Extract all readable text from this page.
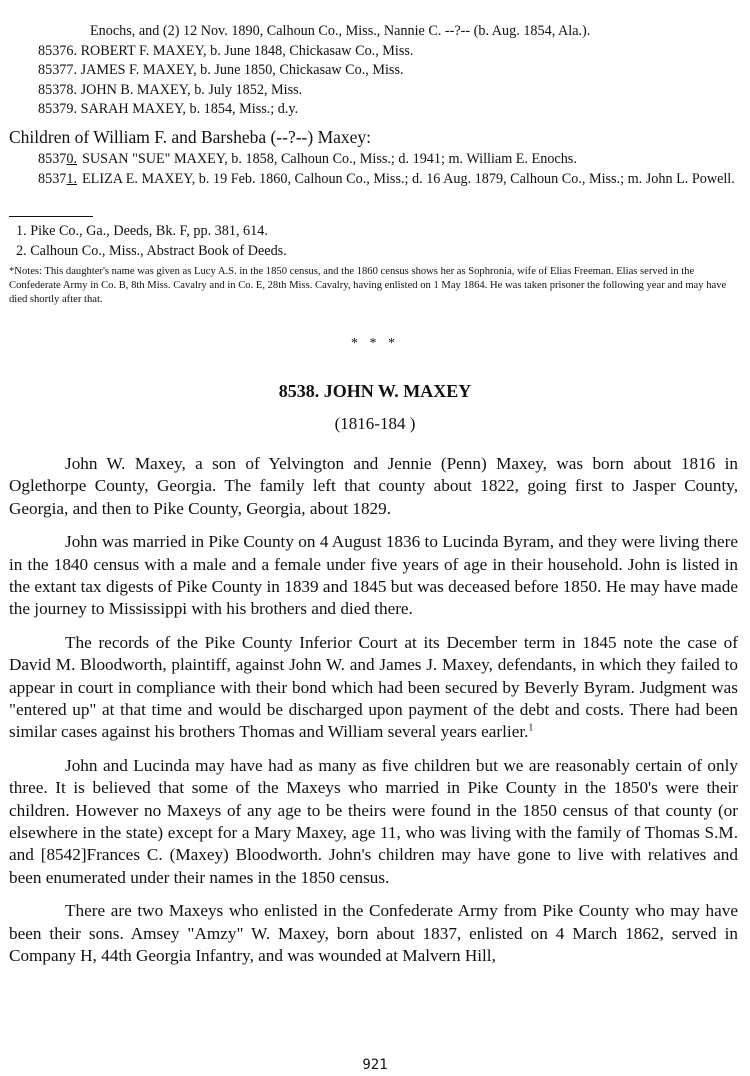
Enochs, and (2) 12 Nov. 1890, Calhoun Co., Miss., Nannie C. --?-- (b. Aug. 1854, Ala.).
85376. ROBERT F. MAXEY, b. June 1848, Chickasaw Co., Miss.
85377. JAMES F. MAXEY, b. June 1850, Chickasaw Co., Miss.
85378. JOHN B. MAXEY, b. July 1852, Miss.
85379. SARAH MAXEY, b. 1854, Miss.; d.y.
Children of William F. and Barsheba (--?--) Maxey:
85370. SUSAN "SUE" MAXEY, b. 1858, Calhoun Co., Miss.; d. 1941; m. William E. Enochs.
85371. ELIZA E. MAXEY, b. 19 Feb. 1860, Calhoun Co., Miss.; d. 16 Aug. 1879, Calhoun Co., Miss.; m. John L. Powell.
1. Pike Co., Ga., Deeds, Bk. F, pp. 381, 614.
2. Calhoun Co., Miss., Abstract Book of Deeds.
*Notes: This daughter's name was given as Lucy A.S. in the 1850 census, and the 1860 census shows her as Sophronia, wife of Elias Freeman. Elias served in the Confederate Army in Co. B, 8th Miss. Cavalry and in Co. E, 28th Miss. Cavalry, having enlisted on 1 May 1864. He was taken prisoner the following year and may have died shortly after that.
* * *
8538. JOHN W. MAXEY
(1816-184 )

John W. Maxey, a son of Yelvington and Jennie (Penn) Maxey, was born about 1816 in Oglethorpe County, Georgia. The family left that county about 1822, going first to Jasper County, Georgia, and then to Pike County, Georgia, about 1829.

John was married in Pike County on 4 August 1836 to Lucinda Byram, and they were living there in the 1840 census with a male and a female under five years of age in their household. John is listed in the extant tax digests of Pike County in 1839 and 1845 but was deceased before 1850. He may have made the journey to Mississippi with his brothers and died there.

The records of the Pike County Inferior Court at its December term in 1845 note the case of David M. Bloodworth, plaintiff, against John W. and James J. Maxey, defendants, in which they failed to appear in court in compliance with their bond which had been secured by Beverly Byram. Judgment was "entered up" at that time and would be discharged upon payment of the debt and costs. There had been similar cases against his brothers Thomas and William several years earlier.$^1$

John and Lucinda may have had as many as five children but we are reasonably certain of only three. It is believed that some of the Maxeys who married in Pike County in the 1850's were their children. However no Maxeys of any age to be theirs were found in the 1850 census of that county (or elsewhere in the state) except for a Mary Maxey, age 11, who was living with the family of Thomas S.M. and [8542]Frances C. (Maxey) Bloodworth. John's children may have gone to live with relatives and been enumerated under their names in the 1850 census.

There are two Maxeys who enlisted in the Confederate Army from Pike County who may have been their sons. Amsey "Amzy" W. Maxey, born about 1837, enlisted on 4 March 1862, served in Company H, 44th Georgia Infantry, and was wounded at Malvern Hill,

921
